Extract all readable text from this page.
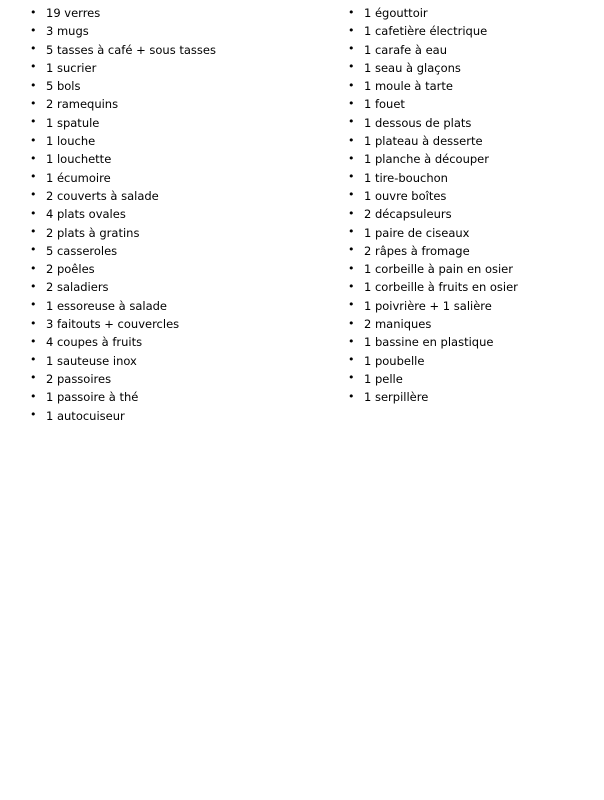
• 19 verres
• 3 mugs
• 5 tasses à café + sous tasses
• 1 sucrier
• 5 bols
• 2 ramequins
• 1 spatule
• 1 louche
• 1 louchette
• 1 écumoire
• 2 couverts à salade
• 4 plats ovales
• 2 plats à gratins
• 5 casseroles
• 2 poêles
• 2 saladiers
• 1 essoreuse à salade
• 3 faitouts + couvercles
• 4 coupes à fruits
• 1 sauteuse inox
• 2 passoires
• 1 passoire à thé
• 1 autocuiseur
• 1 égouttoir
• 1 cafetière électrique
• 1 carafe à eau
• 1 seau à glaçons
• 1 moule à tarte
• 1 fouet
• 1 dessous de plats
• 1 plateau à desserte
• 1 planche à découper
• 1 tire-bouchon
• 1 ouvre boîtes
• 2 décapsuleurs
• 1 paire de ciseaux
• 2 râpes à fromage
• 1 corbeille à pain en osier
• 1 corbeille à fruits en osier
• 1 poivrière + 1 salière
• 2 maniques
• 1 bassine en plastique
• 1 poubelle
• 1 pelle
• 1 serpillère
